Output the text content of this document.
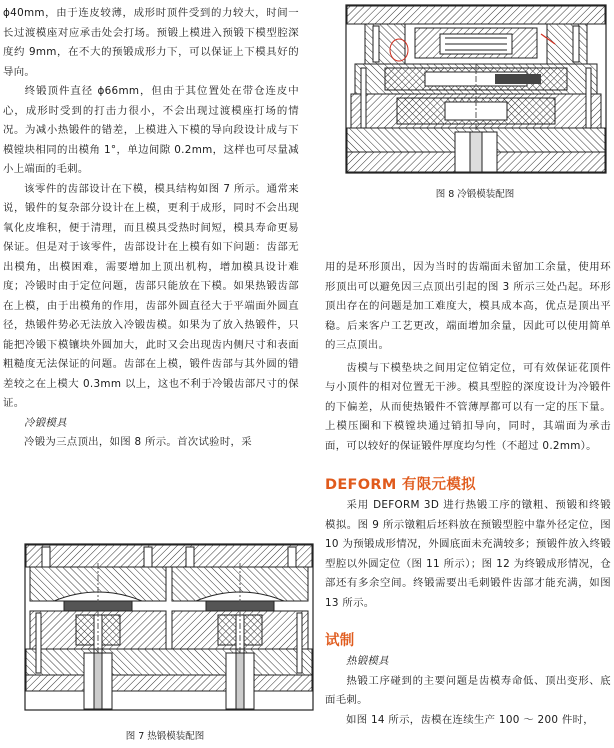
ϕ40mm，由于连皮较薄，成形时顶件受到的力较大，时间一长过渡模座对应承击处会打场。预锻上模进入预锻下模型腔深度约 9mm，在不大的预锻成形力下，可以保证上下模具好的导向。

终锻顶件直径 ϕ66mm，但由于其位置处在带仓连皮中心，成形时受到的打击力很小，不会出现过渡模座打场的情况。为减小热锻件的错差，上模进入下模的导向段设计成与下模镗块相同的出模角 1°，单边间隙 0.2mm，这样也可尽量减小上端面的毛刺。

该零件的齿部设计在下模，模具结构如图 7 所示。通常来说，锻件的复杂部分设计在上模，更利于成形，同时不会出现氧化皮堆积，便于清理，而且模具受热时间短，模具寿命更易保证。但是对于该零件，齿部设计在上模有如下问题：齿部无出模角，出模困难，需要增加上顶出机构，增加模具设计难度；冷锻时由于定位问题，齿部只能放在下模。如果热锻齿部在上模，由于出模角的作用，齿部外圆直径大于平端面外圆直径，热锻件势必无法放入冷锻齿模。如果为了放入热锻件，只能把冷锻下模镶块外圆加大，此时又会出现齿内侧尺寸和表面粗糙度无法保证的问题。齿部在上模，锻件齿部与其外圆的错差较之在上模大 0.3mm 以上，这也不利于冷锻齿部尺寸的保证。

冷锻模具

冷锻为三点顶出，如图 8 所示。首次试验时，采

用的是环形顶出，因为当时的齿端面未留加工余量，使用环形顶出可以避免因三点顶出引起的图 3 所示三处凸起。环形顶出存在的问题是加工难度大，模具成本高，优点是顶出平稳。后来客户工艺更改，端面增加余量，因此可以使用简单的三点顶出。

齿模与下模垫块之间用定位销定位，可有效保证花顶件与小顶件的相对位置无干涉。模具型腔的深度设计为冷锻件的下偏差，从而使热锻件不管薄厚都可以有一定的压下量。上模压圈和下模镗块通过销扣导向，同时，其端面为承击面，可以较好的保证锻件厚度均匀性（不超过 0.2mm）。

DEFORM 有限元模拟

采用 DEFORM 3D 进行热锻工序的镦粗、预锻和终锻模拟。图 9 所示镦粗后坯料放在预锻型腔中靠外径定位，图 10 为预锻成形情况，外圆底面未充满较多；预锻件放入终锻型腔以外圆定位（图 11 所示）；图 12 为终锻成形情况，仓部还有多余空间。终锻需要出毛刺锻件齿部才能充满，如图 13 所示。

试制

热锻模具

热锻工序碰到的主要问题是齿模寿命低、顶出变形、底面毛刺。

如图 14 所示，齿模在连续生产 100 ～ 200 件时，

图 8 冷锻模装配图
图 7 热锻模装配图
